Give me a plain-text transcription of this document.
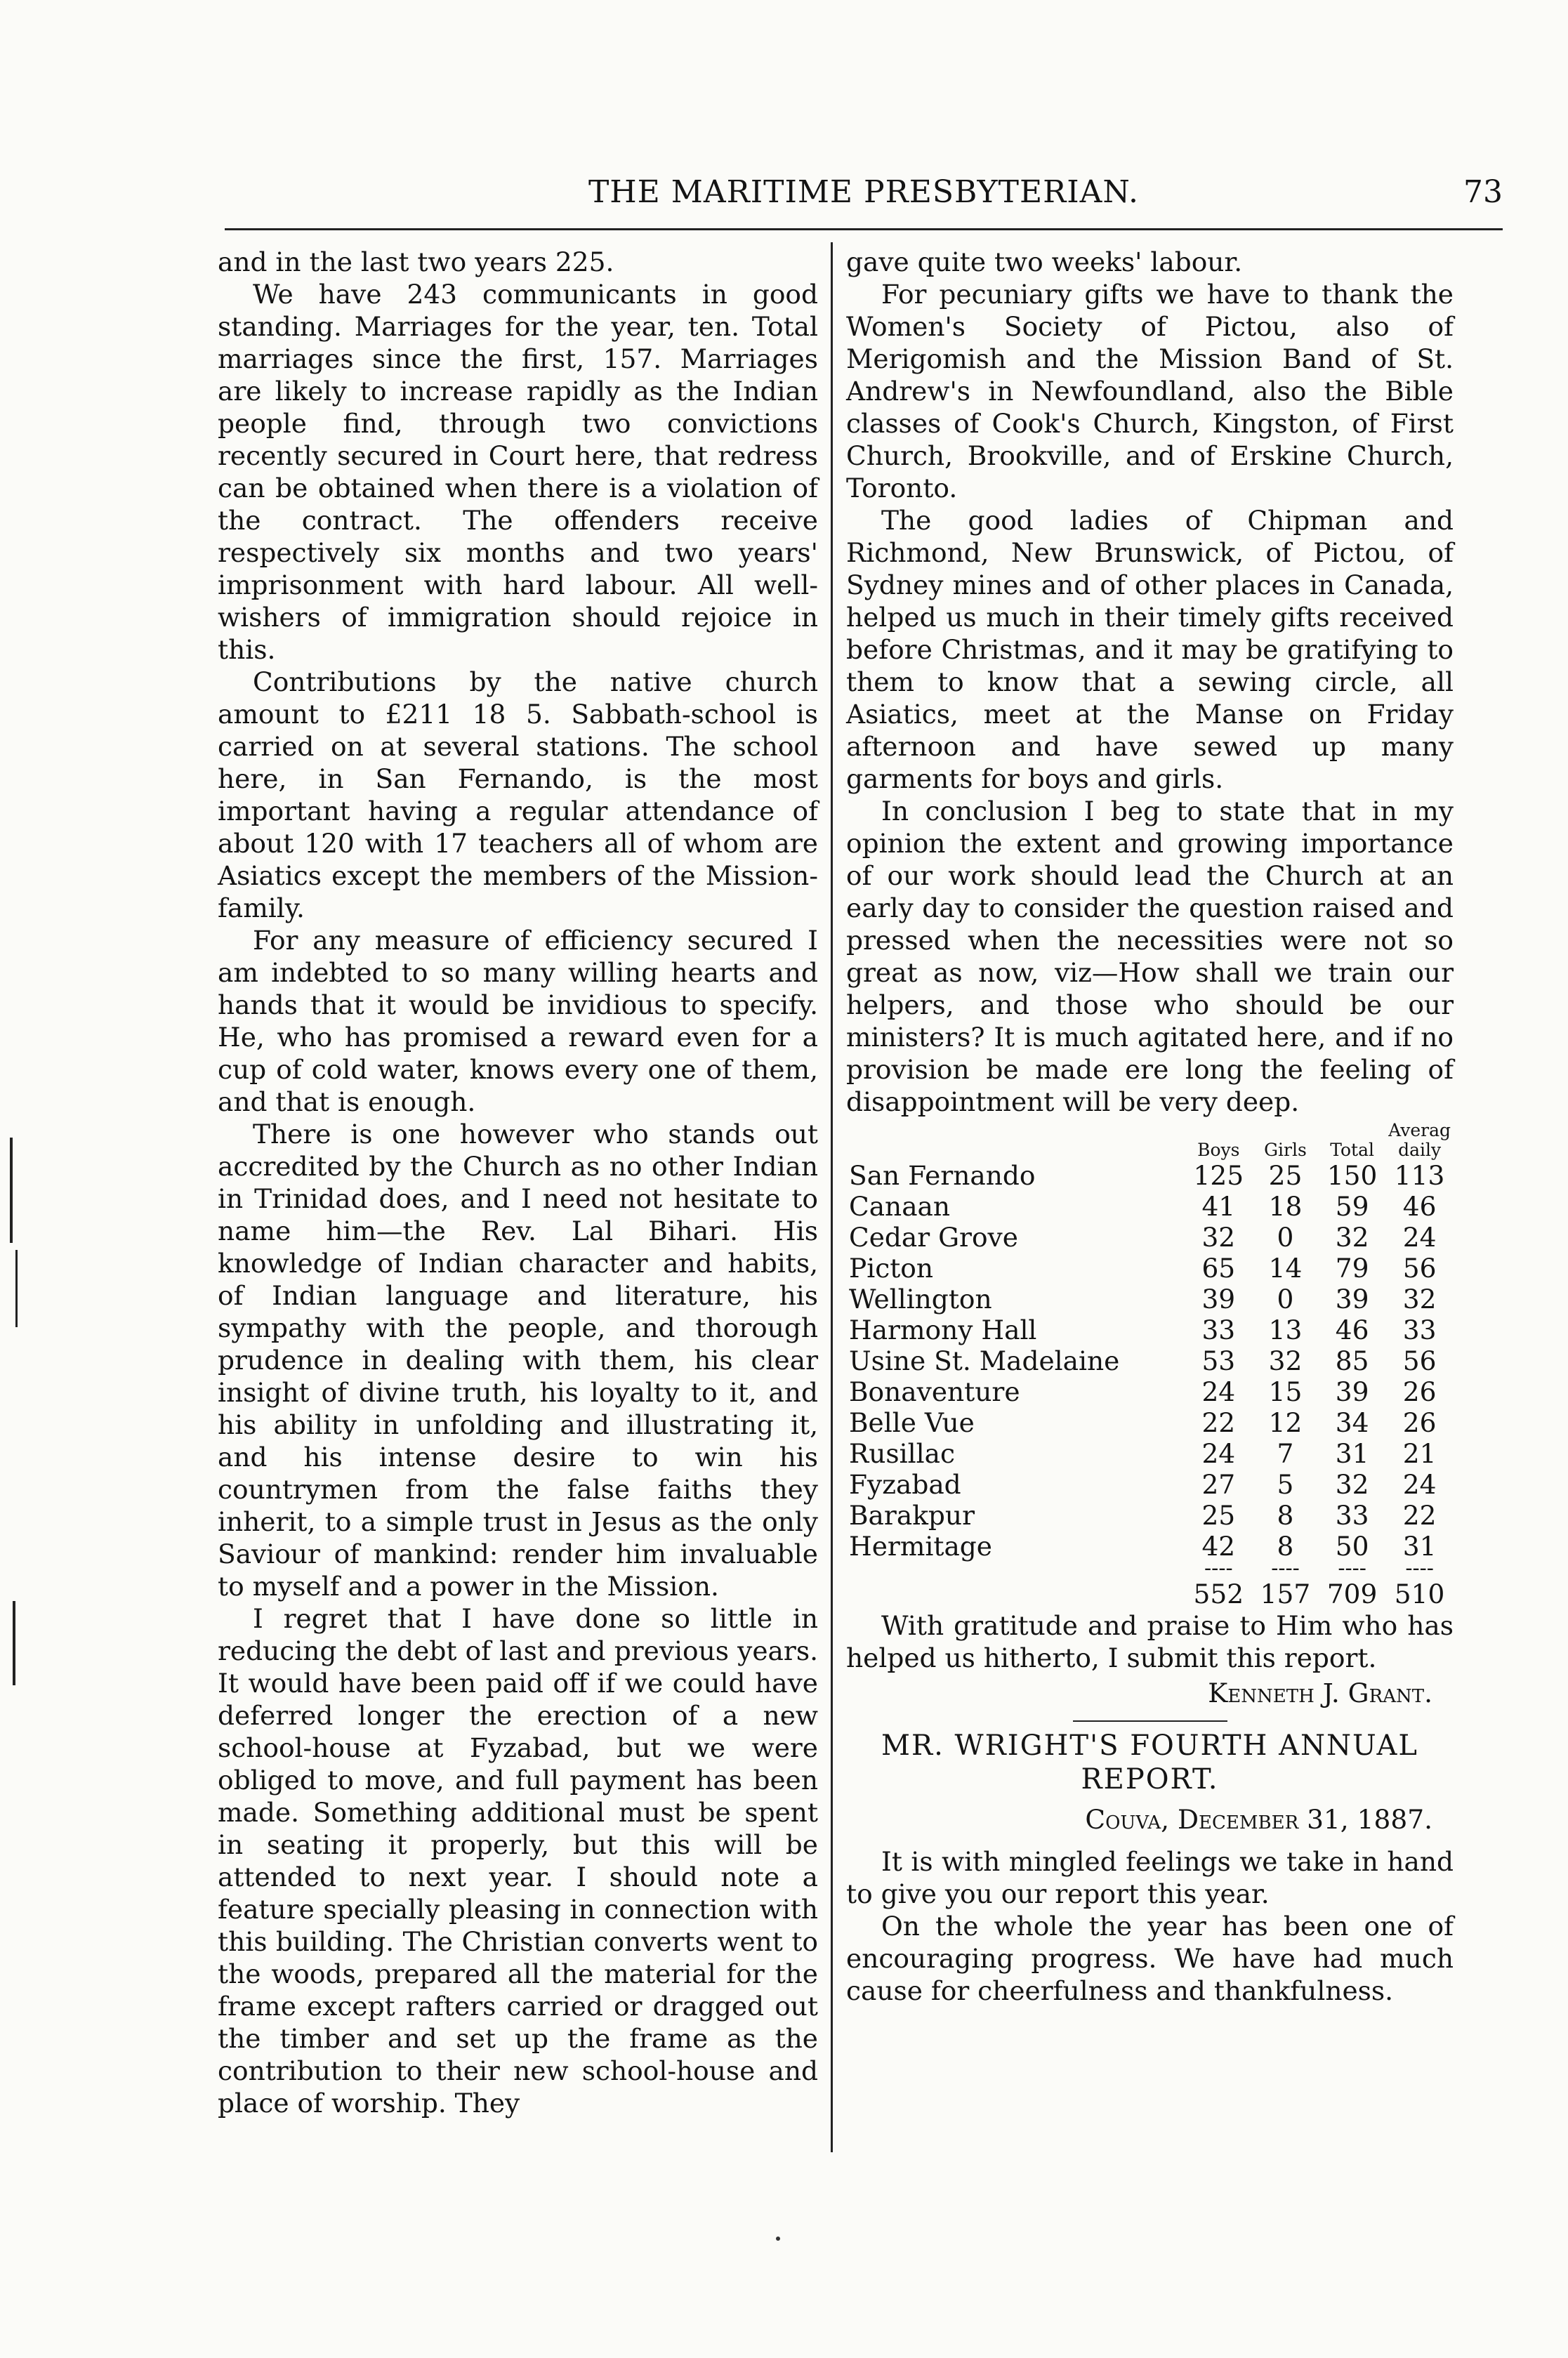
THE MARITIME PRESBYTERIAN.	73

and in the last two years 225.

We have 243 communicants in good standing. Marriages for the year, ten. Total marriages since the first, 157. Marriages are likely to increase rapidly as the Indian people find, through two convictions recently secured in Court here, that redress can be obtained when there is a violation of the contract. The offenders receive respectively six months and two years' imprisonment with hard labour. All well-wishers of immigration should rejoice in this.

Contributions by the native church amount to £211 18 5. Sabbath-school is carried on at several stations. The school here, in San Fernando, is the most important having a regular attendance of about 120 with 17 teachers all of whom are Asiatics except the members of the Mission-family.

For any measure of efficiency secured I am indebted to so many willing hearts and hands that it would be invidious to specify. He, who has promised a reward even for a cup of cold water, knows every one of them, and that is enough.

There is one however who stands out accredited by the Church as no other Indian in Trinidad does, and I need not hesitate to name him—the Rev. Lal Bihari. His knowledge of Indian character and habits, of Indian language and literature, his sympathy with the people, and thorough prudence in dealing with them, his clear insight of divine truth, his loyalty to it, and his ability in unfolding and illustrating it, and his intense desire to win his countrymen from the false faiths they inherit, to a simple trust in Jesus as the only Saviour of mankind: render him invaluable to myself and a power in the Mission.

I regret that I have done so little in reducing the debt of last and previous years. It would have been paid off if we could have deferred longer the erection of a new school-house at Fyzabad, but we were obliged to move, and full payment has been made. Something additional must be spent in seating it properly, but this will be attended to next year. I should note a feature specially pleasing in connection with this building. The Christian converts went to the woods, prepared all the material for the frame except rafters carried or dragged out the timber and set up the frame as the contribution to their new school-house and place of worship. They

gave quite two weeks' labour.

For pecuniary gifts we have to thank the Women's Society of Pictou, also of Merigomish and the Mission Band of St. Andrew's in Newfoundland, also the Bible classes of Cook's Church, Kingston, of First Church, Brookville, and of Erskine Church, Toronto.

The good ladies of Chipman and Richmond, New Brunswick, of Pictou, of Sydney mines and of other places in Canada, helped us much in their timely gifts received before Christmas, and it may be gratifying to them to know that a sewing circle, all Asiatics, meet at the Manse on Friday afternoon and have sewed up many garments for boys and girls.

In conclusion I beg to state that in my opinion the extent and growing importance of our work should lead the Church at an early day to consider the question raised and pressed when the necessities were not so great as now, viz—How shall we train our helpers, and those who should be our ministers? It is much agitated here, and if no provision be made ere long the feeling of disappointment will be very deep.

	Boys	Girls	Total	Averag daily
San Fernando	125	25	150	113
Canaan	41	18	59	46
Cedar Grove	32	0	32	24
Picton	65	14	79	56
Wellington	39	0	39	32
Harmony Hall	33	13	46	33
Usine St. Madelaine	53	32	85	56
Bonaventure	24	15	39	26
Belle Vue	22	12	34	26
Rusillac	24	7	31	21
Fyzabad	27	5	32	24
Barakpur	25	8	33	22
Hermitage	42	8	50	31
	----	----	----	----
	552	157	709	510

With gratitude and praise to Him who has helped us hitherto, I submit this report.

Kenneth J. Grant.
MR. WRIGHT'S FOURTH ANNUAL REPORT.
Couva, December 31, 1887.

It is with mingled feelings we take in hand to give you our report this year.

On the whole the year has been one of encouraging progress. We have had much cause for cheerfulness and thankfulness.
